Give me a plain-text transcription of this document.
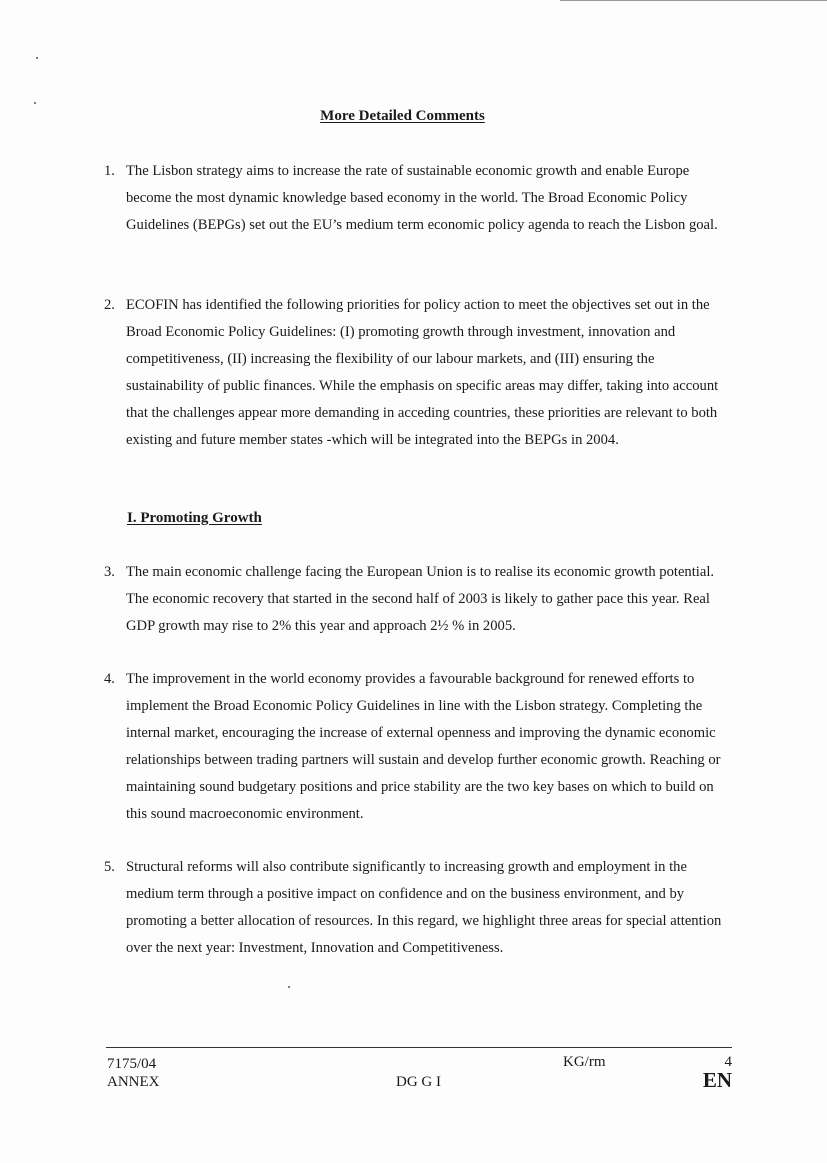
More Detailed Comments
1. The Lisbon strategy aims to increase the rate of sustainable economic growth and enable Europe become the most dynamic knowledge based economy in the world. The Broad Economic Policy Guidelines (BEPGs) set out the EU’s medium term economic policy agenda to reach the Lisbon goal.
2. ECOFIN has identified the following priorities for policy action to meet the objectives set out in the Broad Economic Policy Guidelines: (I) promoting growth through investment, innovation and competitiveness, (II) increasing the flexibility of our labour markets, and (III) ensuring the sustainability of public finances. While the emphasis on specific areas may differ, taking into account that the challenges appear more demanding in acceding countries, these priorities are relevant to both existing and future member states -which will be integrated into the BEPGs in 2004.
I. Promoting Growth
3. The main economic challenge facing the European Union is to realise its economic growth potential. The economic recovery that started in the second half of 2003 is likely to gather pace this year. Real GDP growth may rise to 2% this year and approach 2½ % in 2005.
4. The improvement in the world economy provides a favourable background for renewed efforts to implement the Broad Economic Policy Guidelines in line with the Lisbon strategy. Completing the internal market, encouraging the increase of external openness and improving the dynamic economic relationships between trading partners will sustain and develop further economic growth. Reaching or maintaining sound budgetary positions and price stability are the two key bases on which to build on this sound macroeconomic environment.
5. Structural reforms will also contribute significantly to increasing growth and employment in the medium term through a positive impact on confidence and on the business environment, and by promoting a better allocation of resources. In this regard, we highlight three areas for special attention over the next year: Investment, Innovation and Competitiveness.
7175/04
ANNEX	DG G I
KG/rm	4
EN
